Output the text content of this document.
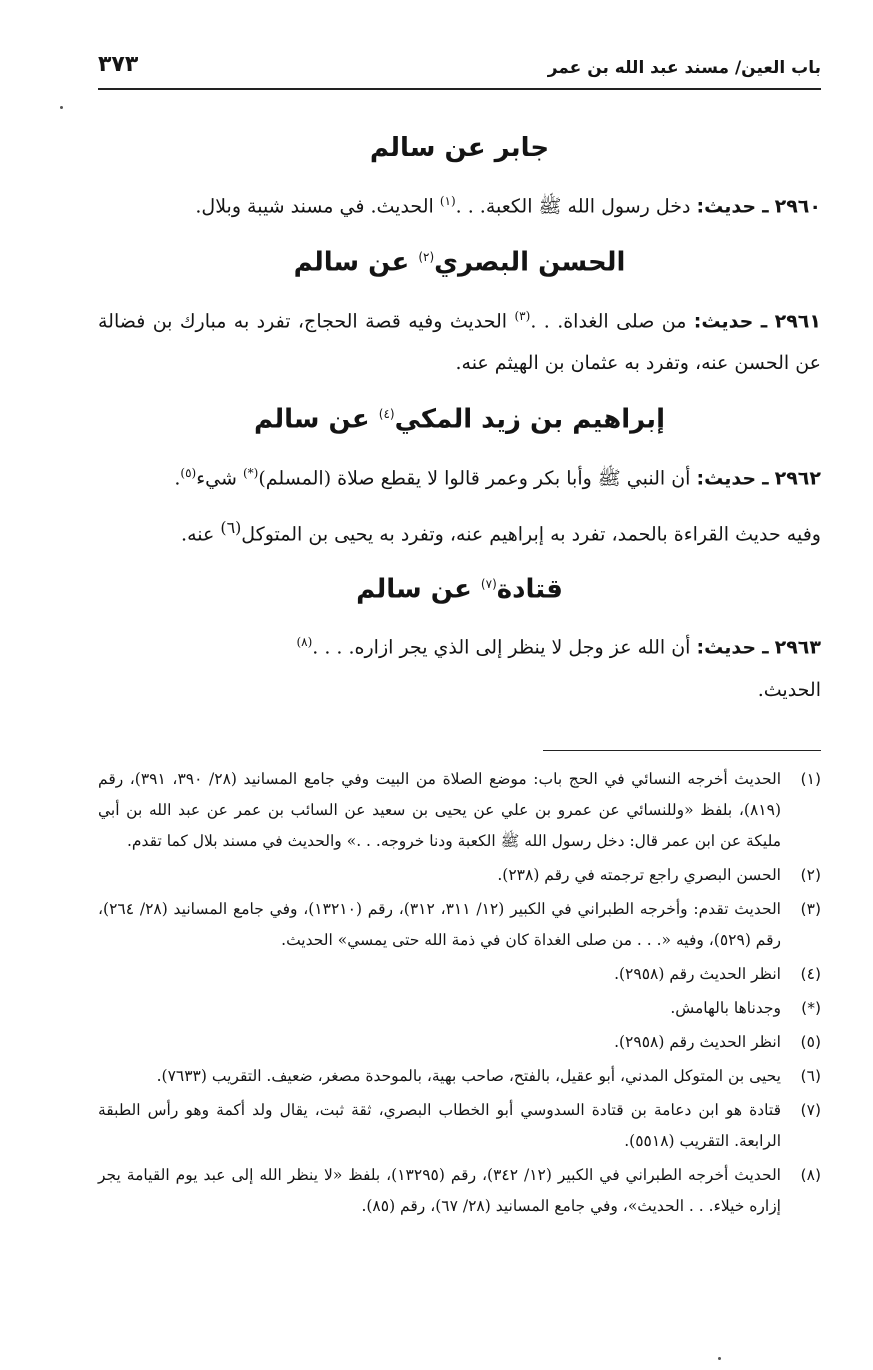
باب العين/ مسند عبد الله بن عمر
٣٧٣
جابر عن سالم

٢٩٦٠ ـ حديث: دخل رسول الله ﷺ الكعبة. . .$^{(١)}$ الحديث. في مسند شيبة وبلال.

الحسن البصري$^{(٢)}$ عن سالم

٢٩٦١ ـ حديث: من صلى الغداة. . .$^{(٣)}$ الحديث وفيه قصة الحجاج، تفرد به مبارك بن فضالة عن الحسن عنه، وتفرد به عثمان بن الهيثم عنه.

إبراهيم بن زيد المكي$^{(٤)}$ عن سالم

٢٩٦٢ ـ حديث: أن النبي ﷺ وأبا بكر وعمر قالوا لا يقطع صلاة (المسلم)(*) شيء$^{(٥)}$.

وفيه حديث القراءة بالحمد، تفرد به إبراهيم عنه، وتفرد به يحيى بن المتوكل$^{(٦)}$ عنه.

قتادة$^{(٧)}$ عن سالم

٢٩٦٣ ـ حديث: أن الله عز وجل لا ينظر إلى الذي يجر ازاره. . . .$^{(٨)}$
الحديث.

(١)
الحديث أخرجه النسائي في الحج باب: موضع الصلاة من البيت وفي جامع المسانيد (٢٨/ ٣٩٠، ٣٩١)، رقم (٨١٩)، بلفظ «وللنسائي عن عمرو بن علي عن يحيى بن سعيد عن السائب بن عمر عن عبد الله بن أبي مليكة عن ابن عمر قال: دخل رسول الله ﷺ الكعبة ودنا خروجه. . .» والحديث في مسند بلال كما تقدم.
(٢)
الحسن البصري راجع ترجمته في رقم (٢٣٨).
(٣)
الحديث تقدم: وأخرجه الطبراني في الكبير (١٢/ ٣١١، ٣١٢)، رقم (١٣٢١٠)، وفي جامع المسانيد (٢٨/ ٢٦٤)، رقم (٥٢٩)، وفيه «. . . من صلى الغداة كان في ذمة الله حتى يمسي» الحديث.
(٤)
انظر الحديث رقم (٢٩٥٨).
(*)
وجدناها بالهامش.
(٥)
انظر الحديث رقم (٢٩٥٨).
(٦)
يحيى بن المتوكل المدني، أبو عقيل، بالفتح، صاحب بهية، بالموحدة مصغر، ضعيف. التقريب (٧٦٣٣).
(٧)
قتادة هو ابن دعامة بن قتادة السدوسي أبو الخطاب البصري، ثقة ثبت، يقال ولد أكمة وهو رأس الطبقة الرابعة. التقريب (٥٥١٨).
(٨)
الحديث أخرجه الطبراني في الكبير (١٢/ ٣٤٢)، رقم (١٣٢٩٥)، بلفظ «لا ينظر الله إلى عبد يوم القيامة يجر إزاره خيلاء. . . الحديث»، وفي جامع المسانيد (٢٨/ ٦٧)، رقم (٨٥).
